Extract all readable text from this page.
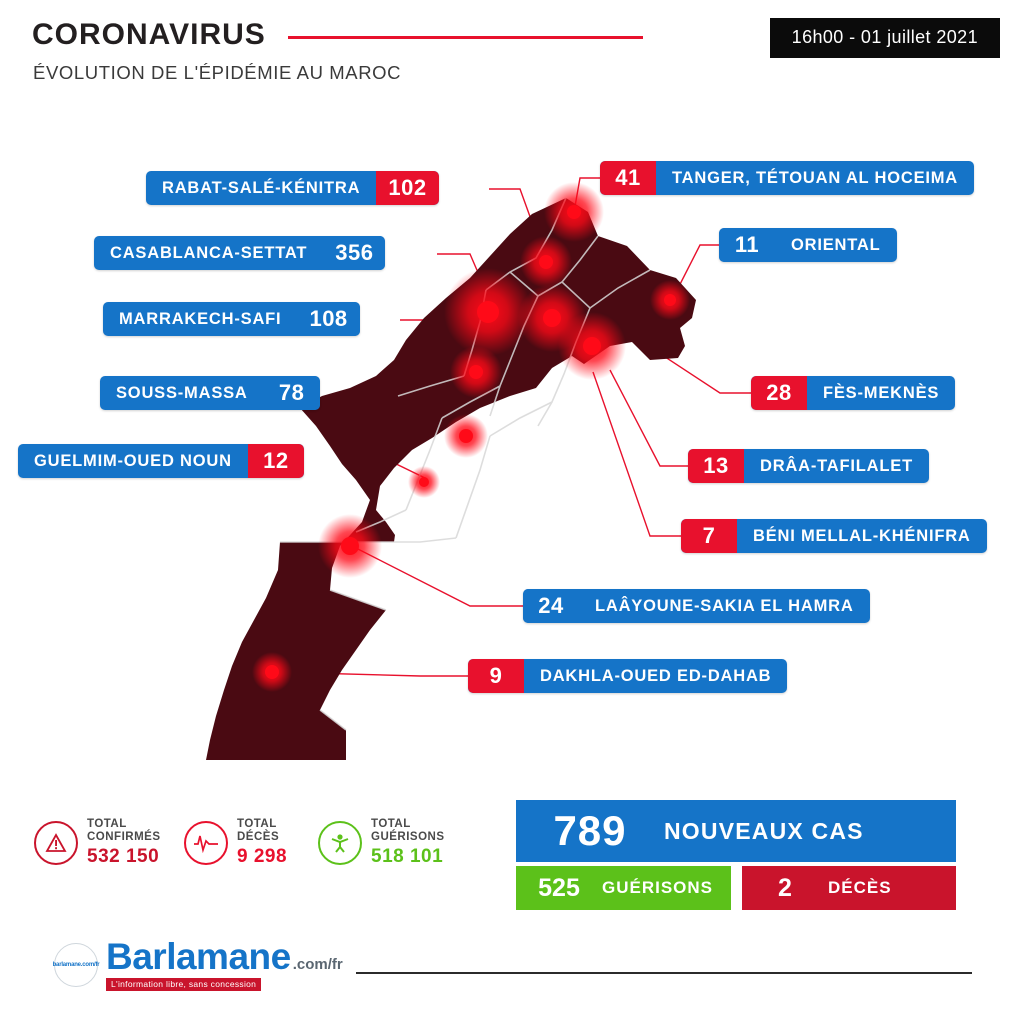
CORONAVIRUS
ÉVOLUTION DE L'ÉPIDÉMIE AU MAROC
16h00 - 01 juillet 2021
RABAT-SALÉ-KÉNITRA	102
CASABLANCA-SETTAT	356
MARRAKECH-SAFI	108
SOUSS-MASSA	78
GUELMIM-OUED NOUN	12
41	TANGER, TÉTOUAN AL HOCEIMA
11	ORIENTAL
28	FÈS-MEKNÈS
13	DRÂA-TAFILALET
7	BÉNI MELLAL-KHÉNIFRA
24	LAÂYOUNE-SAKIA EL HAMRA
9	DAKHLA-OUED ED-DAHAB
TOTAL
CONFIRMÉS
532 150
TOTAL
DÉCÈS
9 298
TOTAL
GUÉRISONS
518 101
789	NOUVEAUX CAS
525	GUÉRISONS	2	DÉCÈS
barlamane.com/fr Barlamane .com/fr
L'information libre, sans concession
